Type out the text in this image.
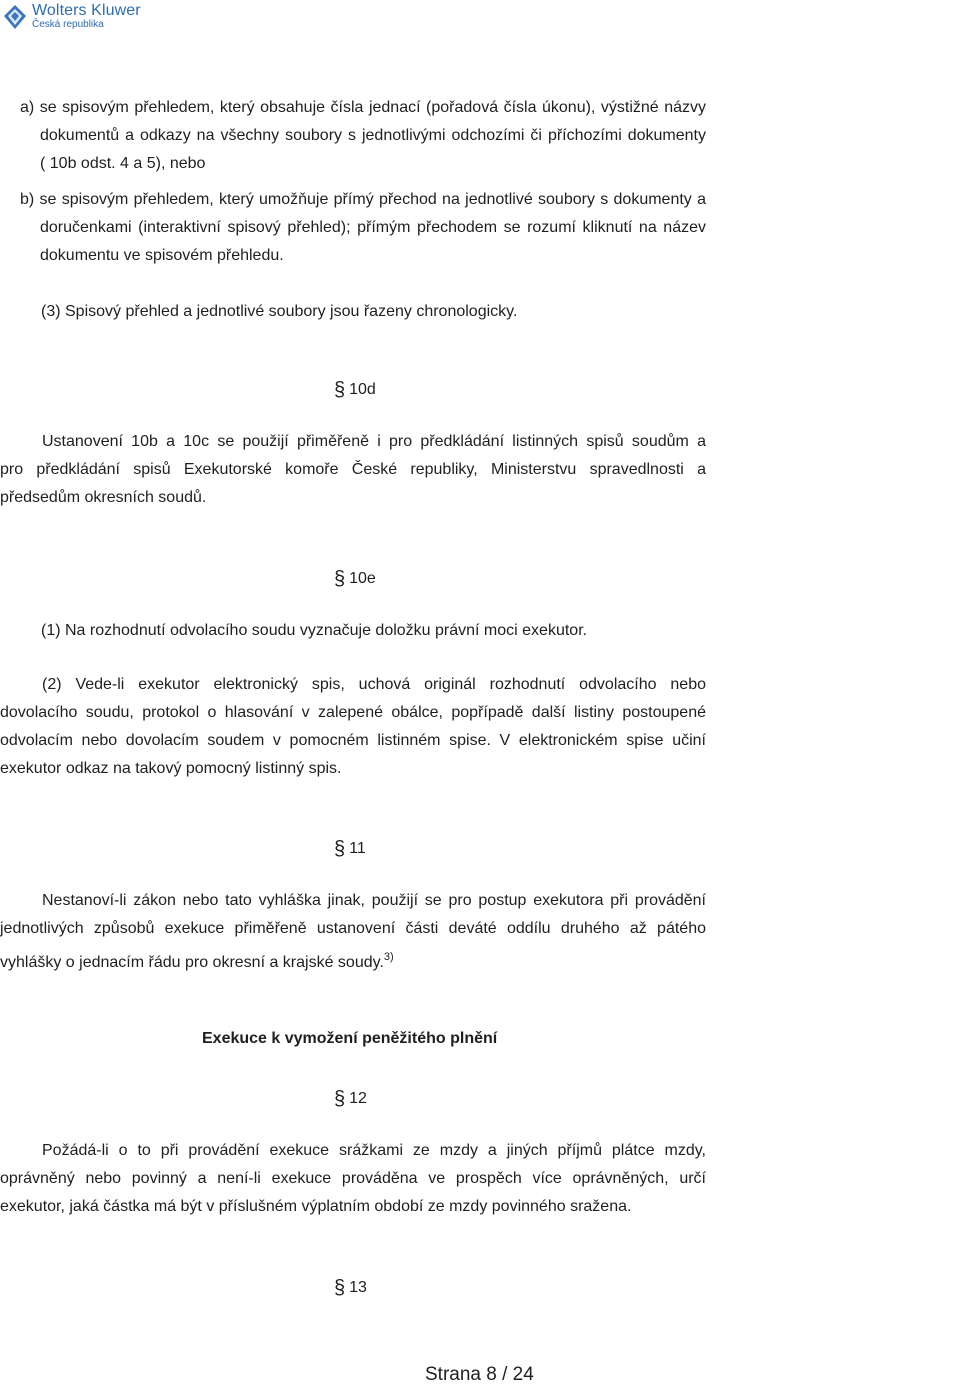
Wolters Kluwer
Česká republika
a) se spisovým přehledem, který obsahuje čísla jednací (pořadová čísla úkonu), výstižné názvy
dokumentů a odkazy na všechny soubory s jednotlivými odchozími či příchozími dokumenty
( 10b odst. 4 a 5), nebo
b) se spisovým přehledem, který umožňuje přímý přechod na jednotlivé soubory s dokumenty a
doručenkami (interaktivní spisový přehled); přímým přechodem se rozumí kliknutí na název
dokumentu ve spisovém přehledu.

(3) Spisový přehled a jednotlivé soubory jsou řazeny chronologicky.

§ 10d

Ustanovení 10b a 10c se použijí přiměřeně i pro předkládání listinných spisů soudům a
pro předkládání spisů Exekutorské komoře České republiky, Ministerstvu spravedlnosti a
předsedům okresních soudů.

§ 10e

(1) Na rozhodnutí odvolacího soudu vyznačuje doložku právní moci exekutor.

(2) Vede-li exekutor elektronický spis, uchová originál rozhodnutí odvolacího nebo
dovolacího soudu, protokol o hlasování v zalepené obálce, popřípadě další listiny postoupené
odvolacím nebo dovolacím soudem v pomocném listinném spise. V elektronickém spise učiní
exekutor odkaz na takový pomocný listinný spis.

§ 11

Nestanoví-li zákon nebo tato vyhláška jinak, použijí se pro postup exekutora při provádění
jednotlivých způsobů exekuce přiměřeně ustanovení části deváté oddílu druhého až pátého
vyhlášky o jednacím řádu pro okresní a krajské soudy.$^{3)}$

Exekuce k vymožení peněžitého plnění

§ 12

Požádá-li o to při provádění exekuce srážkami ze mzdy a jiných příjmů plátce mzdy,
oprávněný nebo povinný a není-li exekuce prováděna ve prospěch více oprávněných, určí
exekutor, jaká částka má být v příslušném výplatním období ze mzdy povinného sražena.

§ 13

Strana 8 / 24
